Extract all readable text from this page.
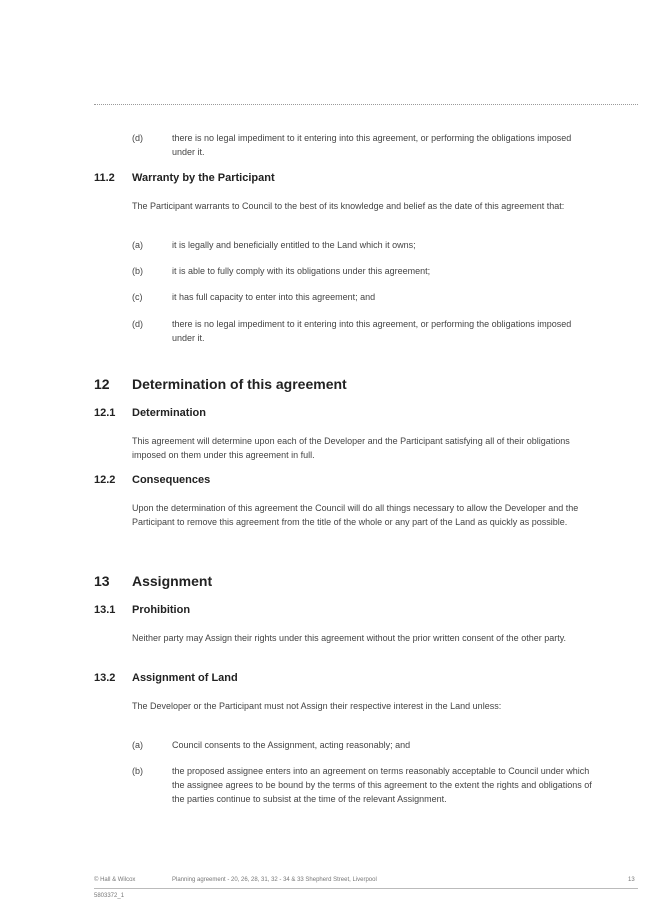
(d)	there is no legal impediment to it entering into this agreement, or performing the obligations imposed under it.
11.2 Warranty by the Participant

The Participant warrants to Council to the best of its knowledge and belief as the date of this agreement that:

(a)	it is legally and beneficially entitled to the Land which it owns;
(b)	it is able to fully comply with its obligations under this agreement;
(c)	it has full capacity to enter into this agreement; and
(d)	there is no legal impediment to it entering into this agreement, or performing the obligations imposed under it.
12 Determination of this agreement
12.1 Determination

This agreement will determine upon each of the Developer and the Participant satisfying all of their obligations imposed on them under this agreement in full.

12.2 Consequences

Upon the determination of this agreement the Council will do all things necessary to allow the Developer and the Participant to remove this agreement from the title of the whole or any part of the Land as quickly as possible.

13 Assignment
13.1 Prohibition

Neither party may Assign their rights under this agreement without the prior written consent of the other party.

13.2 Assignment of Land

The Developer or the Participant must not Assign their respective interest in the Land unless:

(a)	Council consents to the Assignment, acting reasonably; and
(b)	the proposed assignee enters into an agreement on terms reasonably acceptable to Council under which the assignee agrees to be bound by the terms of this agreement to the extent the rights and obligations of the parties continue to subsist at the time of the relevant Assignment.
© Hall & Wilcox	Planning agreement - 20, 26, 28, 31, 32 - 34 & 33 Shepherd Street, Liverpool	13
5803372_1
